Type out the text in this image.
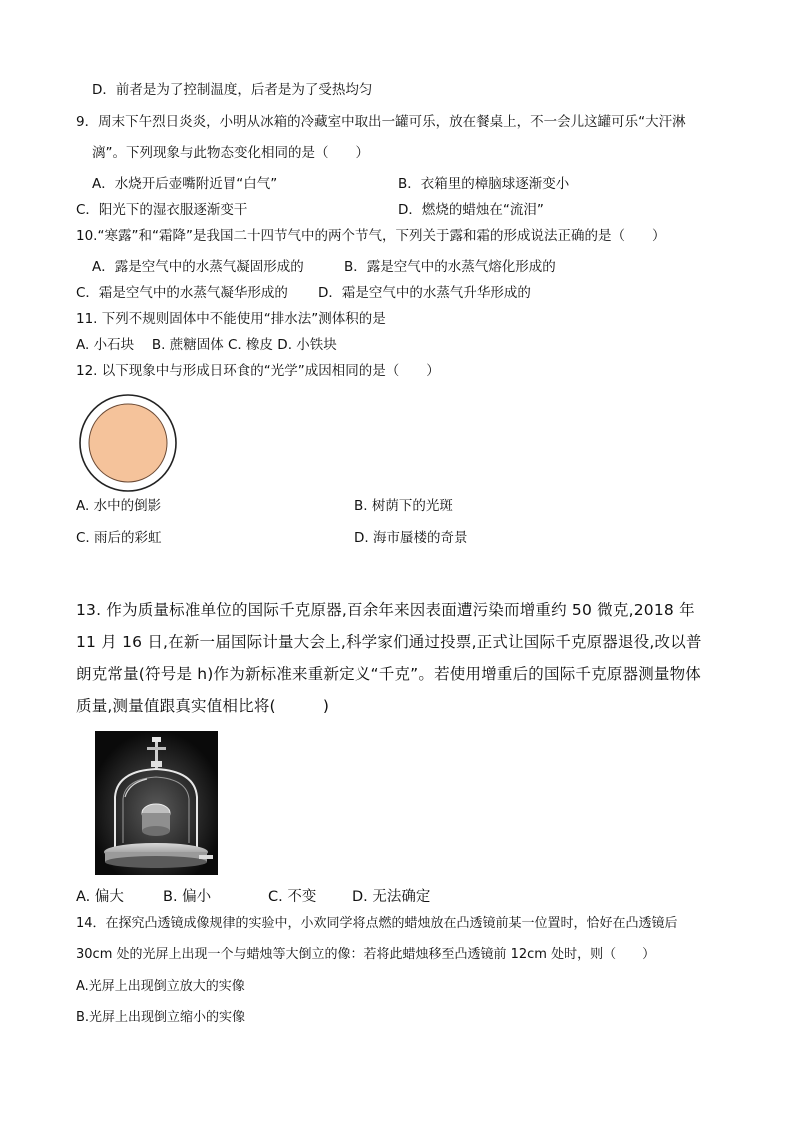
D．前者是为了控制温度，后者是为了受热均匀
9．周末下午烈日炎炎，小明从冰箱的冷藏室中取出一罐可乐，放在餐桌上，不一会儿这罐可乐“大汗淋
漓”。下列现象与此物态变化相同的是（　　）
A．水烧开后壶嘴附近冒“白气”	B．衣箱里的樟脑球逐渐变小
C．阳光下的湿衣服逐渐变干	D．燃烧的蜡烛在“流泪”
10.“寒露”和“霜降”是我国二十四节气中的两个节气，下列关于露和霜的形成说法正确的是（　　）
A．露是空气中的水蒸气凝固形成的	B．露是空气中的水蒸气熔化形成的
C．霜是空气中的水蒸气凝华形成的 D．霜是空气中的水蒸气升华形成的
11. 下列不规则固体中不能使用“排水法”测体积的是
A. 小石块　 B. 蔗糖固体 C. 橡皮 D. 小铁块
12. 以下现象中与形成日环食的“光学”成因相同的是（　　）
A. 水中的倒影	B. 树荫下的光斑
C. 雨后的彩虹	D. 海市蜃楼的奇景
13. 作为质量标准单位的国际千克原器,百余年来因表面遭污染而增重约 50 微克,2018 年
11 月 16 日,在新一届国际计量大会上,科学家们通过投票,正式让国际千克原器退役,改以普
朗克常量(符号是 h)作为新标准来重新定义“千克”。若使用增重后的国际千克原器测量物体
质量,测量值跟真实值相比将(　　　)
A. 偏大	B. 偏小	C. 不变 D. 无法确定
14．在探究凸透镜成像规律的实验中，小欢同学将点燃的蜡烛放在凸透镜前某一位置时，恰好在凸透镜后
30cm 处的光屏上出现一个与蜡烛等大倒立的像：若将此蜡烛移至凸透镜前 12cm 处时，则（　　）
A.光屏上出现倒立放大的实像
B.光屏上出现倒立缩小的实像
